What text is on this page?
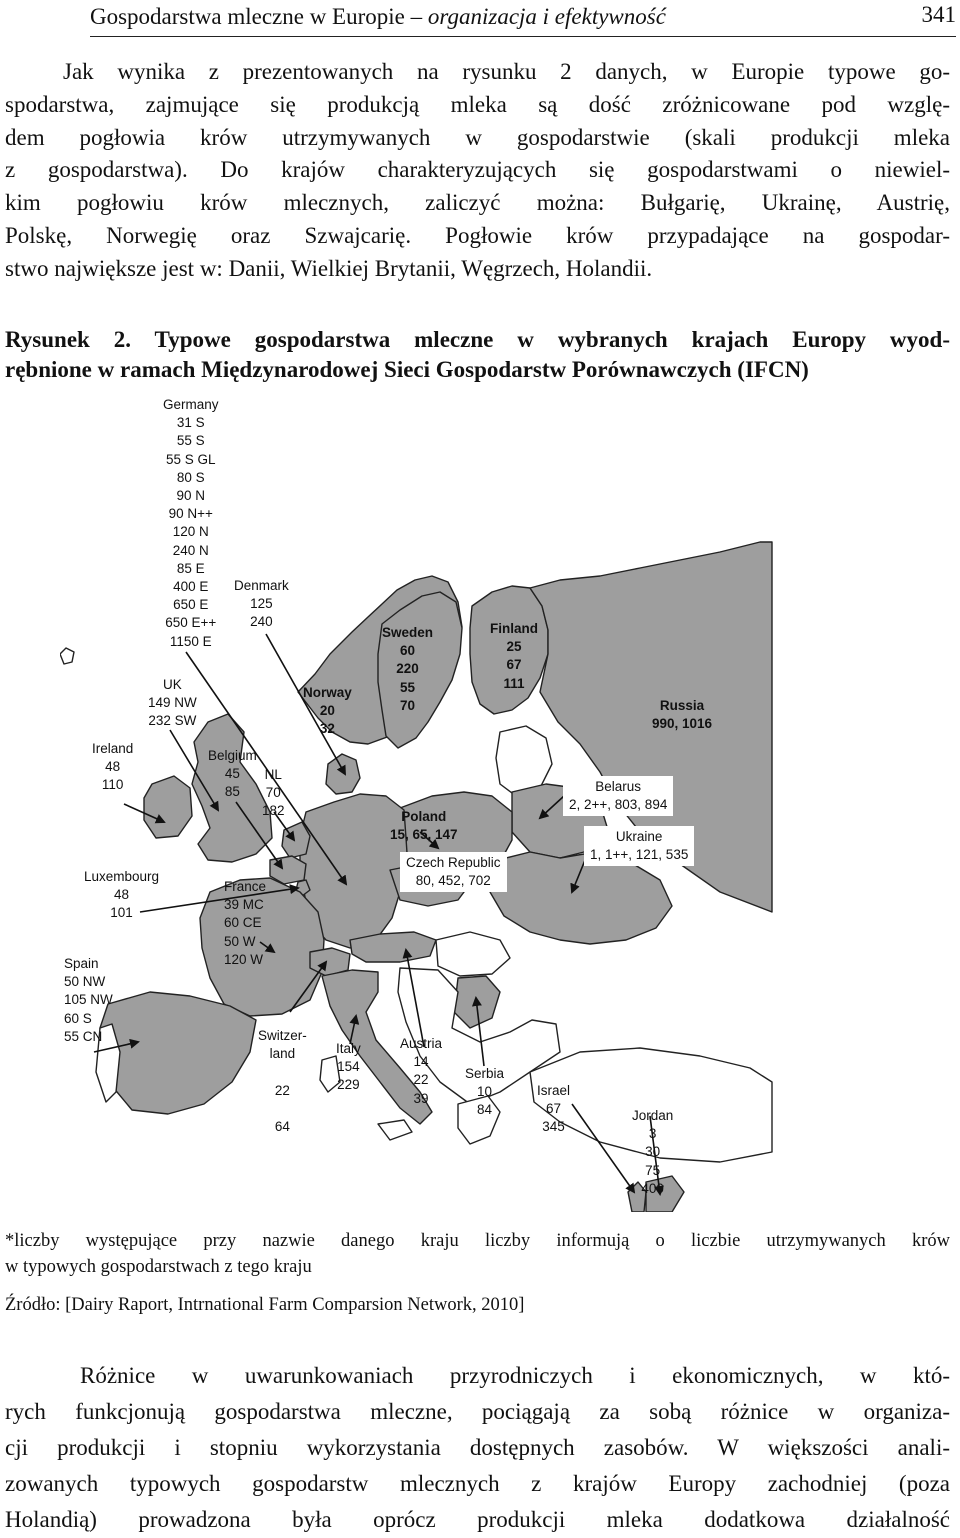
Gospodarstwa mleczne w Europie – organizacja i efektywność	341
Jak wynika z prezentowanych na rysunku 2 danych, w Europie typowe go-
spodarstwa, zajmujące się produkcją mleka są dość zróżnicowane pod wzglę-
dem pogłowia krów utrzymywanych w gospodarstwie (skali produkcji mleka
z gospodarstwa). Do krajów charakteryzujących się gospodarstwami o niewiel-
kim pogłowiu krów mlecznych, zaliczyć można: Bułgarię, Ukrainę, Austrię,
Polskę, Norwegię oraz Szwajcarię. Pogłowie krów przypadające na gospodar-
stwo największe jest w: Danii, Wielkiej Brytanii, Węgrzech, Holandii.
Rysunek 2. Typowe gospodarstwa mleczne w wybranych krajach Europy wyod-
rębnione w ramach Międzynarodowej Sieci Gospodarstw Porównawczych (IFCN)
Germany
31 S
55 S
55 S GL
80 S
90 N
90 N++
120 N
240 N
85 E
400 E
650 E
650 E++
1150 E
Denmark
125
240
Sweden
60
220
55
70
Finland
25
67
111
Norway
20
32
UK
149 NW
232 SW
Russia
990, 1016
Ireland
48
110
Belgium
45
85
NL
70
182
Belarus
2, 2++, 803, 894
Poland
15, 65, 147	Ukraine
1, 1++, 121, 535
Czech Republic
80, 452, 702
Luxembourg
48
101
France
39 MC
60 CE
50 W
120 W
Spain
50 NW
105 NW
60 S
55 CN	Switzer-
land

22

64

Italy
154
229
Austria
14
22
39
Serbia
10
84
Israel
67
345
Jordan
3
30
75
400
*liczby występujące przy nazwie danego kraju liczby informują o liczbie utrzymywanych krów
w typowych gospodarstwach z tego kraju
Źródło: [Dairy Raport, Intrnational Farm Comparsion Network, 2010]
Różnice w uwarunkowaniach przyrodniczych i ekonomicznych, w któ-
rych funkcjonują gospodarstwa mleczne, pociągają za sobą różnice w organiza-
cji produkcji i stopniu wykorzystania dostępnych zasobów. W większości anali-
zowanych typowych gospodarstw mlecznych z krajów Europy zachodniej (poza
Holandią) prowadzona była oprócz produkcji mleka dodatkowa działalność
